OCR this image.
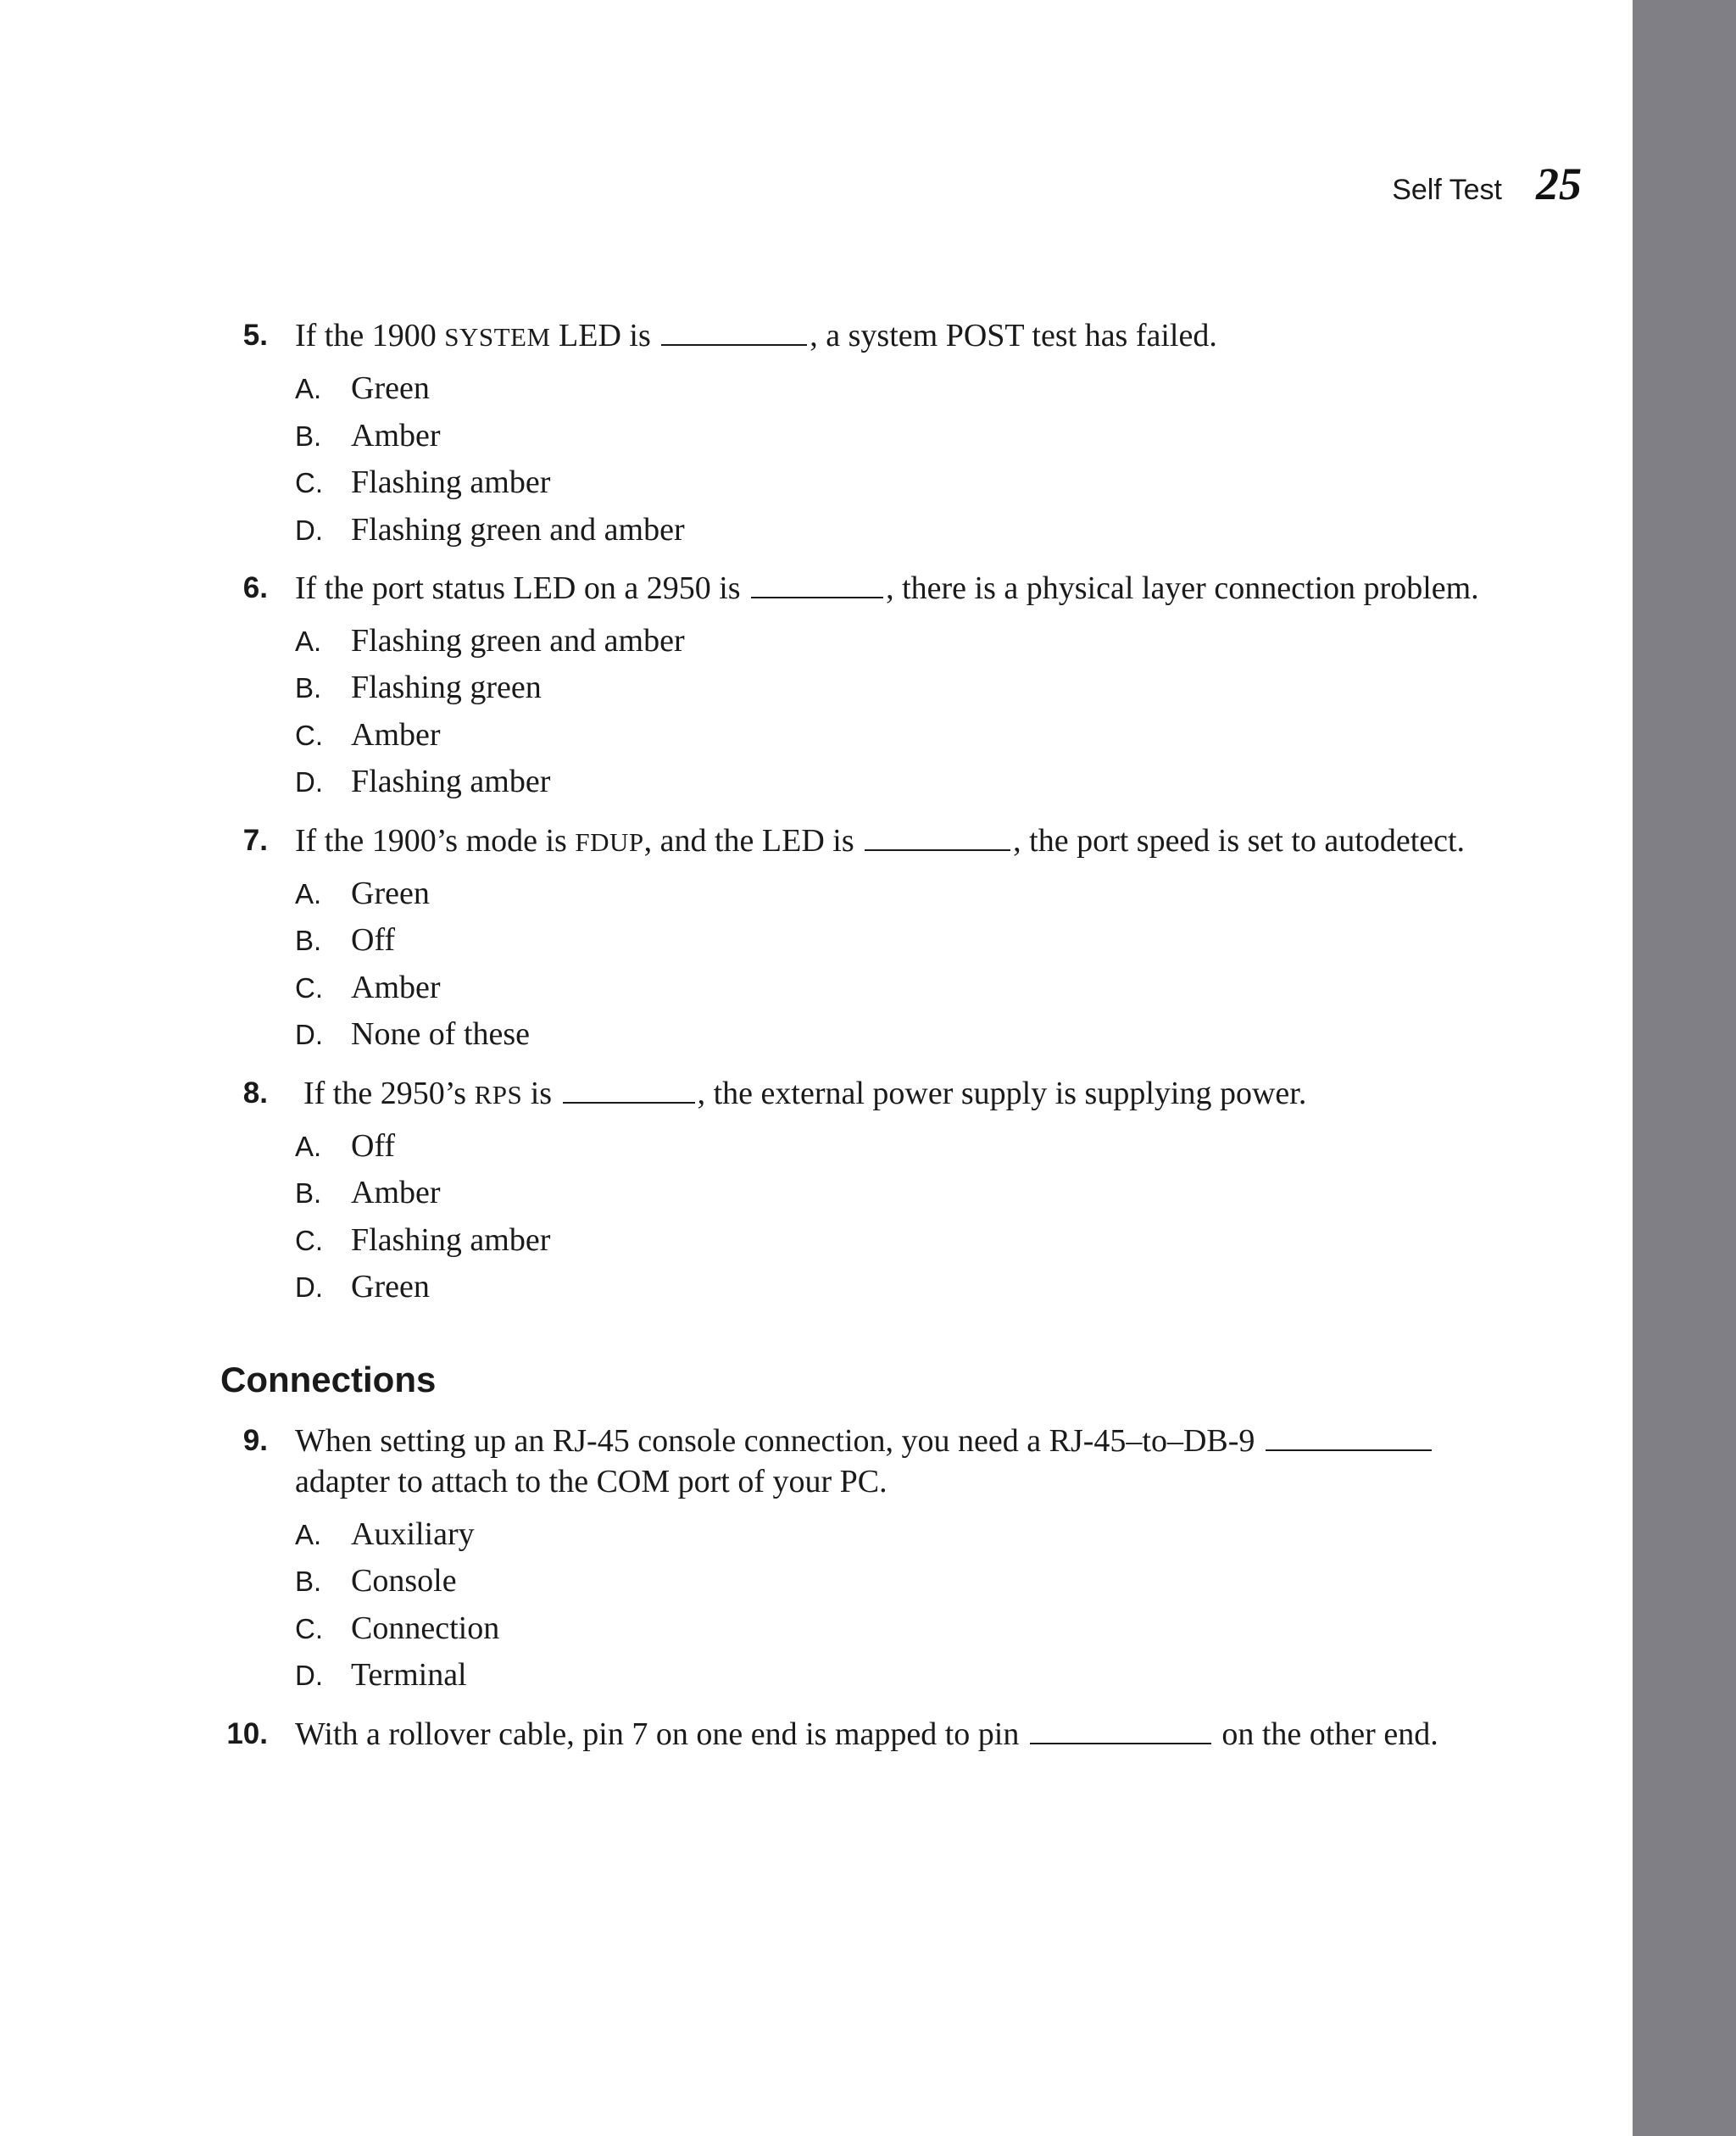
Self Test 25
5. If the 1900 SYSTEM LED is	, a system POST test has failed.
A. Green
B. Amber
C. Flashing amber
D. Flashing green and amber
6. If the port status LED on a 2950 is	, there is a physical layer connection problem.
A. Flashing green and amber
B. Flashing green
C. Amber
D. Flashing amber
7. If the 1900’s mode is FDUP, and the LED is	, the port speed is set to autodetect.
A. Green
B. Off
C. Amber
D. None of these
8. If the 2950’s RPS is	, the external power supply is supplying power.
A. Off
B. Amber
C. Flashing amber
D. Green
Connections
9. When setting up an RJ-45 console connection, you need a RJ-45–to–DB-9
adapter to attach to the COM port of your PC.
A. Auxiliary
B. Console
C. Connection
D. Terminal
10. With a rollover cable, pin 7 on one end is mapped to pin	on the other end.
